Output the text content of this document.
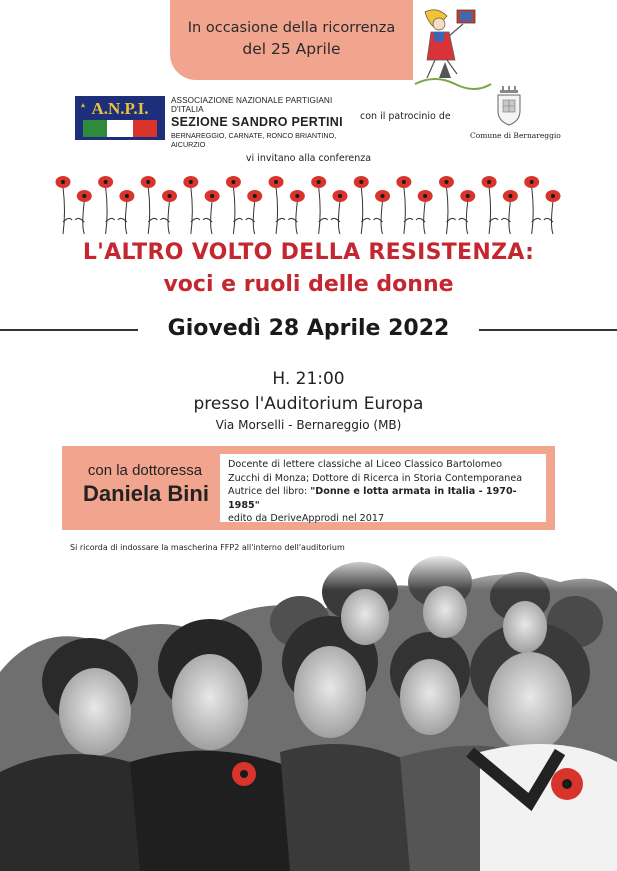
In occasione della ricorrenza
del 25 Aprile
A.N.P.I.	ASSOCIAZIONE NAZIONALE PARTIGIANI D'ITALIA
SEZIONE SANDRO PERTINI
BERNAREGGIO, CARNATE, RONCO BRIANTINO, AICURZIO
con il patrocinio de
Comune di Bernareggio
vi invitano alla conferenza
L'ALTRO VOLTO DELLA RESISTENZA:
voci e ruoli delle donne
Giovedì 28 Aprile 2022
H. 21:00
presso l'Auditorium Europa
Via Morselli - Bernareggio (MB)
con la dottoressa
Daniela Bini
Docente di lettere classiche al Liceo Classico Bartolomeo
Zucchi di Monza; Dottore di Ricerca in Storia Contemporanea
Autrice del libro: "Donne e lotta armata in Italia - 1970-1985"
edito da DeriveApprodi nel 2017
Si ricorda di indossare la mascherina FFP2 all'interno dell'auditorium
